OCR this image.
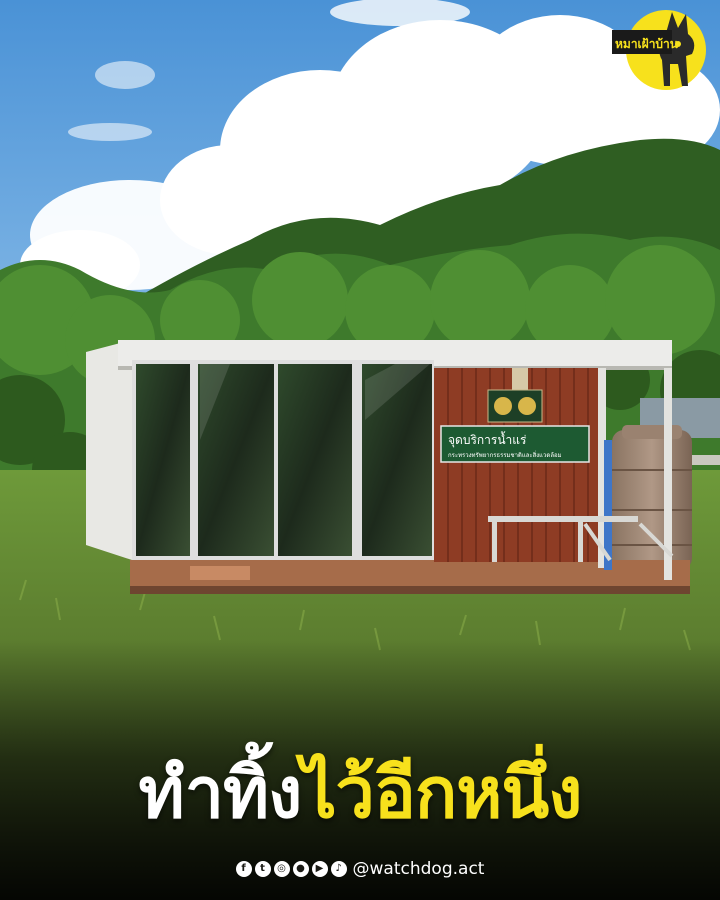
จุดบริการน้ำแร่
กระทรวงทรัพยากรธรรมชาติและสิ่งแวดล้อม
หมาเฝ้าบ้าน
ทำทิ้งไว้อีกหนึ่ง
f	t	◎	●	▶	♪ @watchdog.act
